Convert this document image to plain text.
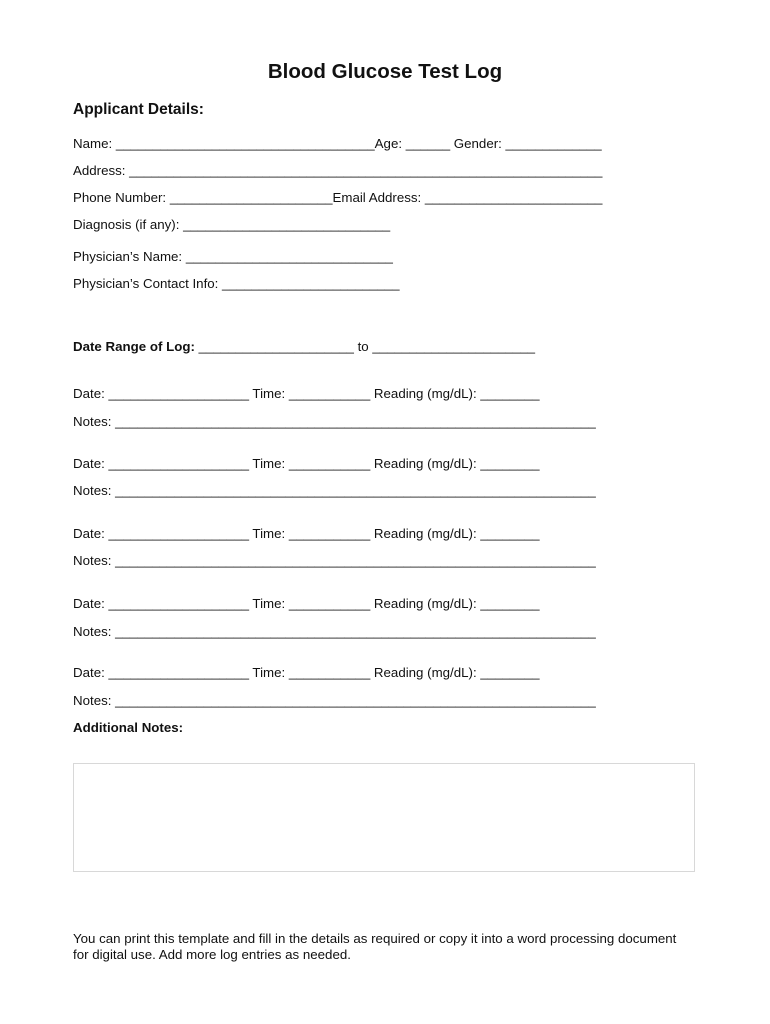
Blood Glucose Test Log
Applicant Details:

Name: ___________________________________Age: ______ Gender: _____________

Address: ________________________________________________________________

Phone Number: ______________________Email Address: ________________________

Diagnosis (if any): ____________________________

Physician’s Name: ____________________________

Physician’s Contact Info: ________________________

Date Range of Log: _____________________ to ______________________

Date: ___________________ Time: ___________ Reading (mg/dL): ________

Notes: _________________________________________________________________

Date: ___________________ Time: ___________ Reading (mg/dL): ________

Notes: _________________________________________________________________

Date: ___________________ Time: ___________ Reading (mg/dL): ________

Notes: _________________________________________________________________

Date: ___________________ Time: ___________ Reading (mg/dL): ________

Notes: _________________________________________________________________

Date: ___________________ Time: ___________ Reading (mg/dL): ________

Notes: _________________________________________________________________

Additional Notes:

You can print this template and fill in the details as required or copy it into a word processing document for digital use. Add more log entries as needed.
